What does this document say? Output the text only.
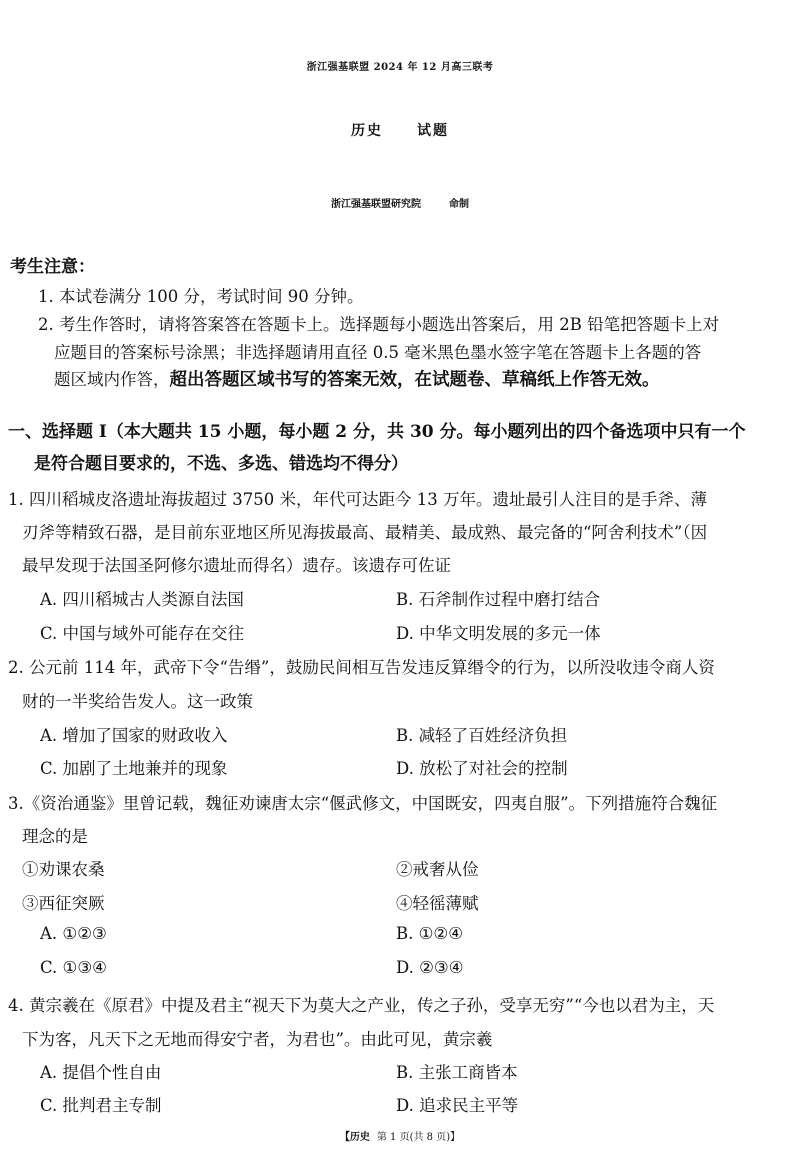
浙江强基联盟 2024 年 12 月高三联考
历史 试题
浙江强基联盟研究院	命制
考生注意：
1. 本试卷满分 100 分，考试时间 90 分钟。
2. 考生作答时，请将答案答在答题卡上。选择题每小题选出答案后，用 2B 铅笔把答题卡上对
应题目的答案标号涂黑；非选择题请用直径 0.5 毫米黑色墨水签字笔在答题卡上各题的答
题区域内作答，超出答题区域书写的答案无效，在试题卷、草稿纸上作答无效。
一、选择题 Ⅰ（本大题共 15 小题，每小题 2 分，共 30 分。每小题列出的四个备选项中只有一个
是符合题目要求的，不选、多选、错选均不得分）
1. 四川稻城皮洛遗址海拔超过 3750 米，年代可达距今 13 万年。遗址最引人注目的是手斧、薄
刃斧等精致石器，是目前东亚地区所见海拔最高、最精美、最成熟、最完备的“阿舍利技术”（因
最早发现于法国圣阿修尔遗址而得名）遗存。该遗存可佐证
A. 四川稻城古人类源自法国	B. 石斧制作过程中磨打结合
C. 中国与域外可能存在交往	D. 中华文明发展的多元一体
2. 公元前 114 年，武帝下令“告缗”，鼓励民间相互告发违反算缗令的行为，以所没收违令商人资
财的一半奖给告发人。这一政策
A. 增加了国家的财政收入	B. 减轻了百姓经济负担
C. 加剧了土地兼并的现象	D. 放松了对社会的控制
3.《资治通鉴》里曾记载，魏征劝谏唐太宗“偃武修文，中国既安，四夷自服”。下列措施符合魏征
理念的是
①劝课农桑	②戒奢从俭
③西征突厥	④轻徭薄赋
A. ①②③	B. ①②④
C. ①③④	D. ②③④
4. 黄宗羲在《原君》中提及君主“视天下为莫大之产业，传之子孙，受享无穷”“今也以君为主，天
下为客，凡天下之无地而得安宁者，为君也”。由此可见，黄宗羲
A. 提倡个性自由	B. 主张工商皆本
C. 批判君主专制	D. 追求民主平等
【历史 第 1 页(共 8 页)】
